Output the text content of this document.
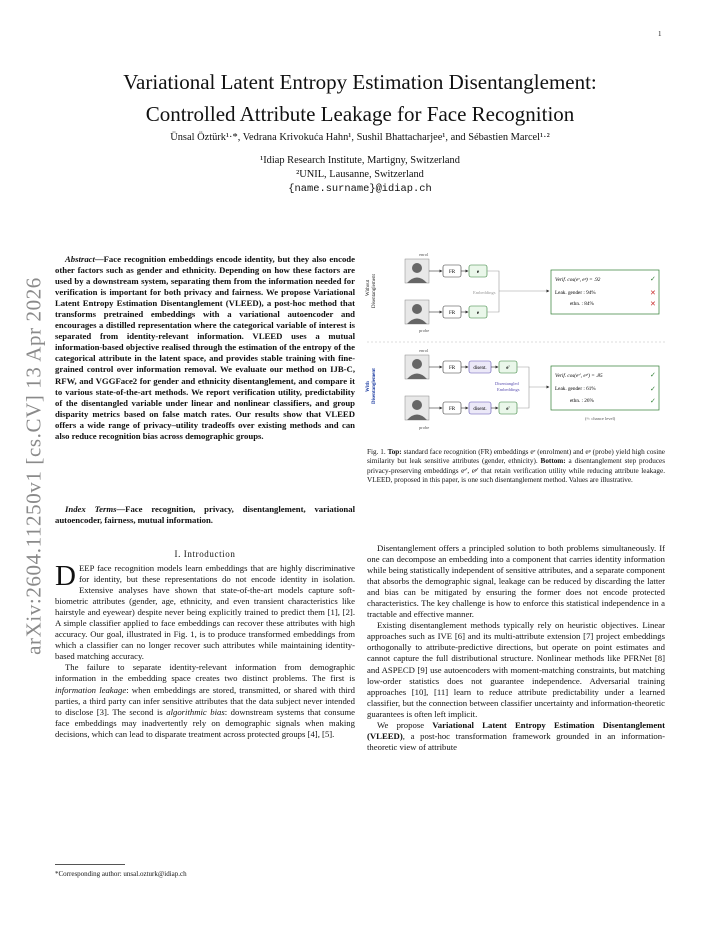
1
arXiv:2604.11250v1 [cs.CV] 13 Apr 2026
Variational Latent Entropy Estimation Disentanglement:
Controlled Attribute Leakage for Face Recognition
Ünsal Öztürk¹·*, Vedrana Krivokuća Hahn¹, Sushil Bhattacharjee¹, and Sébastien Marcel¹·²
¹Idiap Research Institute, Martigny, Switzerland
²UNIL, Lausanne, Switzerland
{name.surname}@idiap.ch

Abstract—Face recognition embeddings encode identity, but they also encode other factors such as gender and ethnicity. Depending on how these factors are used by a downstream system, separating them from the information needed for verification is important for both privacy and fairness. We propose Variational Latent Entropy Estimation Disentanglement (VLEED), a post-hoc method that transforms pretrained embeddings with a variational autoencoder and encourages a distilled representation where the categorical variable of interest is separated from identity-relevant information. VLEED uses a mutual information-based objective realised through the estimation of the entropy of the categorical attribute in the latent space, and provides stable training with fine-grained control over information removal. We evaluate our method on IJB-C, RFW, and VGGFace2 for gender and ethnicity disentanglement, and compare it to various state-of-the-art methods. We report verification utility, predictability of the disentangled variable under linear and nonlinear classifiers, and group disparity metrics based on false match rates. Our results show that VLEED offers a wide range of privacy–utility tradeoffs over existing methods and can also reduce recognition bias across demographic groups.

Index Terms—Face recognition, privacy, disentanglement, variational autoencoder, fairness, mutual information.
I. Introduction

DEEP face recognition models learn embeddings that are highly discriminative for identity, but these representations do not encode identity in isolation. Extensive analyses have shown that state-of-the-art models capture soft-biometric attributes (gender, age, ethnicity, and even transient characteristics like hairstyle and eyewear) despite never being explicitly trained to predict them [1], [2]. A simple classifier applied to face embeddings can recover these attributes with high accuracy. Our goal, illustrated in Fig. 1, is to produce transformed embeddings from which a classifier can no longer recover such attributes while maintaining identity-based matching accuracy.

The failure to separate identity-relevant information from demographic information in the embedding space creates two distinct problems. The first is information leakage: when embeddings are stored, transmitted, or shared with third parties, a third party can infer sensitive attributes that the data subject never intended to disclose [3]. The second is algorithmic bias: downstream systems that consume face embeddings may inadvertently rely on demographic signals when making decisions, which can lead to disparate treatment across protected groups [4], [5].

*Corresponding author: unsal.ozturk@idiap.ch
enrol
probe
Without Disentanglement
FR	e
FR	e
Embeddings
Verif. cos(eᵉ, eᵖ) = .92	✓
Leak. gender : 94%	✕
ethn. : 84%	✕
enrol
probe
With Disentanglement	FR	disent.	e'
FR	disent.	e'
Disentangled
Embeddings
Verif. cos(eᵉ', eᵖ') = .85	✓
Leak. gender : 61%	✓
ethn. : 26%	✓
(≈: chance level)
Fig. 1. Top: standard face recognition (FR) embeddings eᵉ (enrolment) and eᵖ (probe) yield high cosine similarity but leak sensitive attributes (gender, ethnicity). Bottom: a disentanglement step produces privacy-preserving embeddings eᵉ', eᵖ' that retain verification utility while reducing attribute leakage. VLEED, proposed in this paper, is one such disentanglement method. Values are illustrative.

Disentanglement offers a principled solution to both problems simultaneously. If one can decompose an embedding into a component that carries identity information while being statistically independent of sensitive attributes, and a separate component that absorbs the demographic signal, leakage can be reduced by discarding the latter and bias can be mitigated by ensuring the former does not encode protected characteristics. The key challenge is how to enforce this statistical independence in a tractable and effective manner.

Existing disentanglement methods typically rely on heuristic objectives. Linear approaches such as IVE [6] and its multi-attribute extension [7] project embeddings orthogonally to attribute-predictive directions, but operate on point estimates and cannot capture the full distributional structure. Nonlinear methods like PFRNet [8] and ASPECD [9] use autoencoders with moment-matching constraints, but matching low-order statistics does not guarantee independence. Adversarial training approaches [10], [11] learn to reduce attribute predictability under a learned classifier, but the connection between classifier uncertainty and information-theoretic guarantees is often left implicit.

We propose Variational Latent Entropy Estimation Disentanglement (VLEED), a post-hoc transformation framework grounded in an information-theoretic view of attribute
